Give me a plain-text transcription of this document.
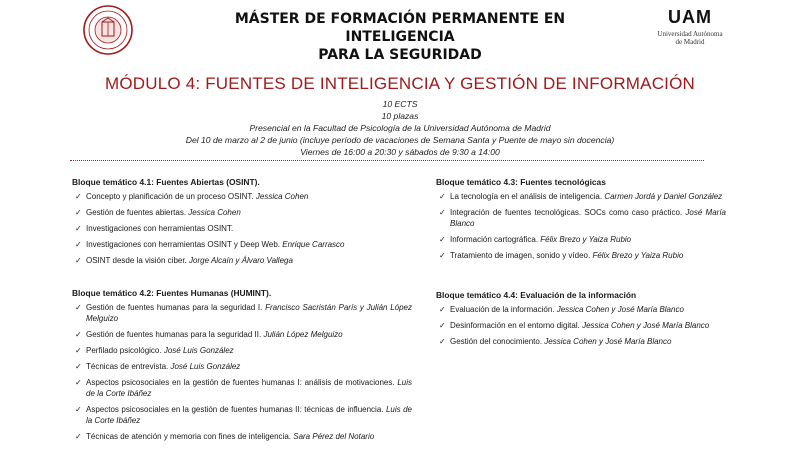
MÁSTER DE FORMACIÓN PERMANENTE EN INTELIGENCIA
PARA LA SEGURIDAD
UAM
Universidad Autónoma
de Madrid
MÓDULO 4: FUENTES DE INTELIGENCIA Y GESTIÓN DE INFORMACIÓN
10 ECTS
10 plazas
Presencial en la Facultad de Psicología de la Universidad Autónoma de Madrid
Del 10 de marzo al 2 de junio (incluye período de vacaciones de Semana Santa y Puente de mayo sin docencia)
Viernes de 16:00 a 20:30 y sábados de 9:30 a 14:00
Bloque temático 4.1: Fuentes Abiertas (OSINT).
✓ Concepto y planificación de un proceso OSINT. Jessica Cohen
✓ Gestión de fuentes abiertas. Jessica Cohen
✓ Investigaciones con herramientas OSINT.
✓ Investigaciones con herramientas OSINT y Deep Web. Enrique Carrasco
✓ OSINT desde la visión ciber. Jorge Alcaín y Álvaro Vallega
Bloque temático 4.2: Fuentes Humanas (HUMINT).
✓ Gestión de fuentes humanas para la seguridad I. Francisco Sacristán París y Julián López Melguizo
✓ Gestión de fuentes humanas para la seguridad II. Julián López Melguizo
✓ Perfilado psicológico. José Luis González
✓ Técnicas de entrevista. José Luis González
✓ Aspectos psicosociales en la gestión de fuentes humanas I: análisis de motivaciones. Luis de la Corte Ibáñez
✓ Aspectos psicosociales en la gestión de fuentes humanas II: técnicas de influencia. Luis de la Corte Ibáñez
✓ Técnicas de atención y memoria con fines de inteligencia. Sara Pérez del Notario
Bloque temático 4.3: Fuentes tecnológicas
✓ La tecnología en el análisis de inteligencia. Carmen Jordá y Daniel González
✓ Integración de fuentes tecnológicas. SOCs como caso práctico. José María Blanco
✓ Información cartográfica. Félix Brezo y Yaiza Rubio
✓ Tratamiento de imagen, sonido y vídeo. Félix Brezo y Yaiza Rubio
Bloque temático 4.4: Evaluación de la información
✓ Evaluación de la información. Jessica Cohen y José María Blanco
✓ Desinformación en el entorno digital. Jessica Cohen y José María Blanco
✓ Gestión del conocimiento. Jessica Cohen y José María Blanco
